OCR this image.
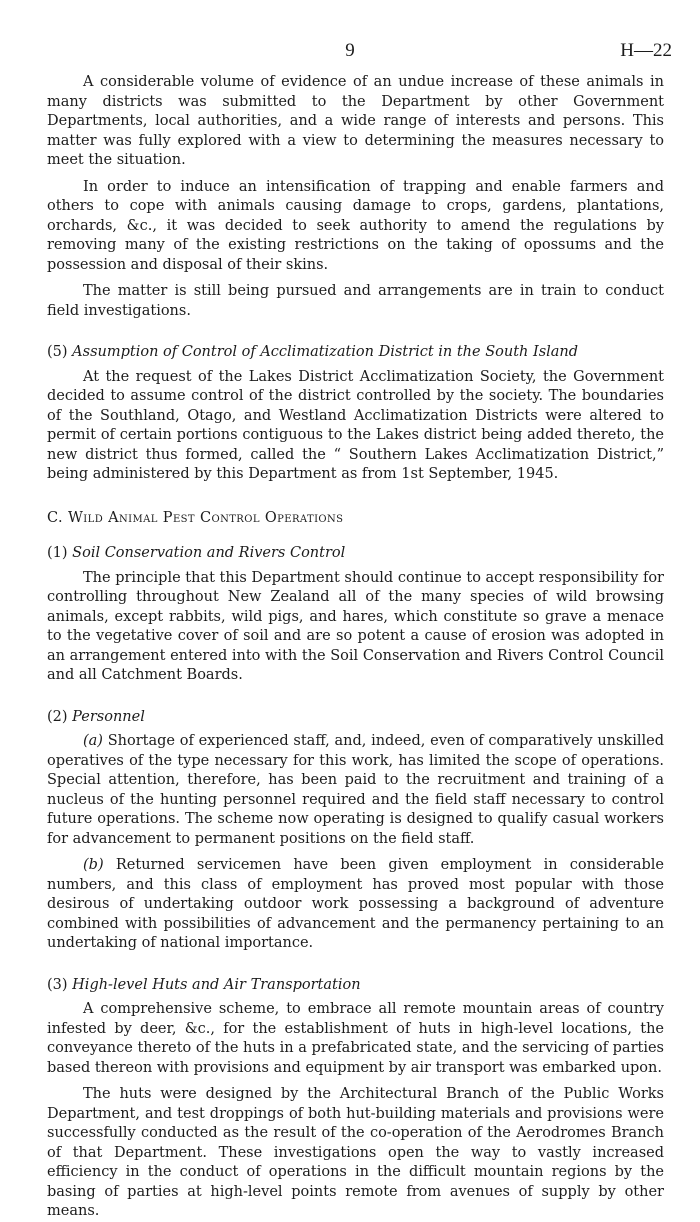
9	H—22

A considerable volume of evidence of an undue increase of these animals in many districts was submitted to the Department by other Government Departments, local authorities, and a wide range of interests and persons. This matter was fully explored with a view to determining the measures necessary to meet the situation.

In order to induce an intensification of trapping and enable farmers and others to cope with animals causing damage to crops, gardens, plantations, orchards, &c., it was decided to seek authority to amend the regulations by removing many of the existing restrictions on the taking of opossums and the possession and disposal of their skins.

The matter is still being pursued and arrangements are in train to conduct field investigations.

(5) Assumption of Control of Acclimatization District in the South Island

At the request of the Lakes District Acclimatization Society, the Government decided to assume control of the district controlled by the society. The boundaries of the Southland, Otago, and Westland Acclimatization Districts were altered to permit of certain portions contiguous to the Lakes district being added thereto, the new district thus formed, called the “ Southern Lakes Acclimatization District,” being administered by this Department as from 1st September, 1945.

C. Wild Animal Pest Control Operations
(1) Soil Conservation and Rivers Control

The principle that this Department should continue to accept responsibility for controlling throughout New Zealand all of the many species of wild browsing animals, except rabbits, wild pigs, and hares, which constitute so grave a menace to the vegetative cover of soil and are so potent a cause of erosion was adopted in an arrangement entered into with the Soil Conservation and Rivers Control Council and all Catchment Boards.

(2) Personnel

(a) Shortage of experienced staff, and, indeed, even of comparatively unskilled operatives of the type necessary for this work, has limited the scope of operations. Special attention, therefore, has been paid to the recruitment and training of a nucleus of the hunting personnel required and the field staff necessary to control future operations. The scheme now operating is designed to qualify casual workers for advancement to permanent positions on the field staff.

(b) Returned servicemen have been given employment in considerable numbers, and this class of employment has proved most popular with those desirous of undertaking outdoor work possessing a background of adventure combined with possibilities of advancement and the permanency pertaining to an undertaking of national importance.

(3) High-level Huts and Air Transportation

A comprehensive scheme, to embrace all remote mountain areas of country infested by deer, &c., for the establishment of huts in high-level locations, the conveyance thereto of the huts in a prefabricated state, and the servicing of parties based thereon with provisions and equipment by air transport was embarked upon.

The huts were designed by the Architectural Branch of the Public Works Department, and test droppings of both hut-building materials and provisions were successfully conducted as the result of the co-operation of the Aerodromes Branch of that Department. These investigations open the way to vastly increased efficiency in the conduct of operations in the difficult mountain regions by the basing of parties at high-level points remote from avenues of supply by other means.
